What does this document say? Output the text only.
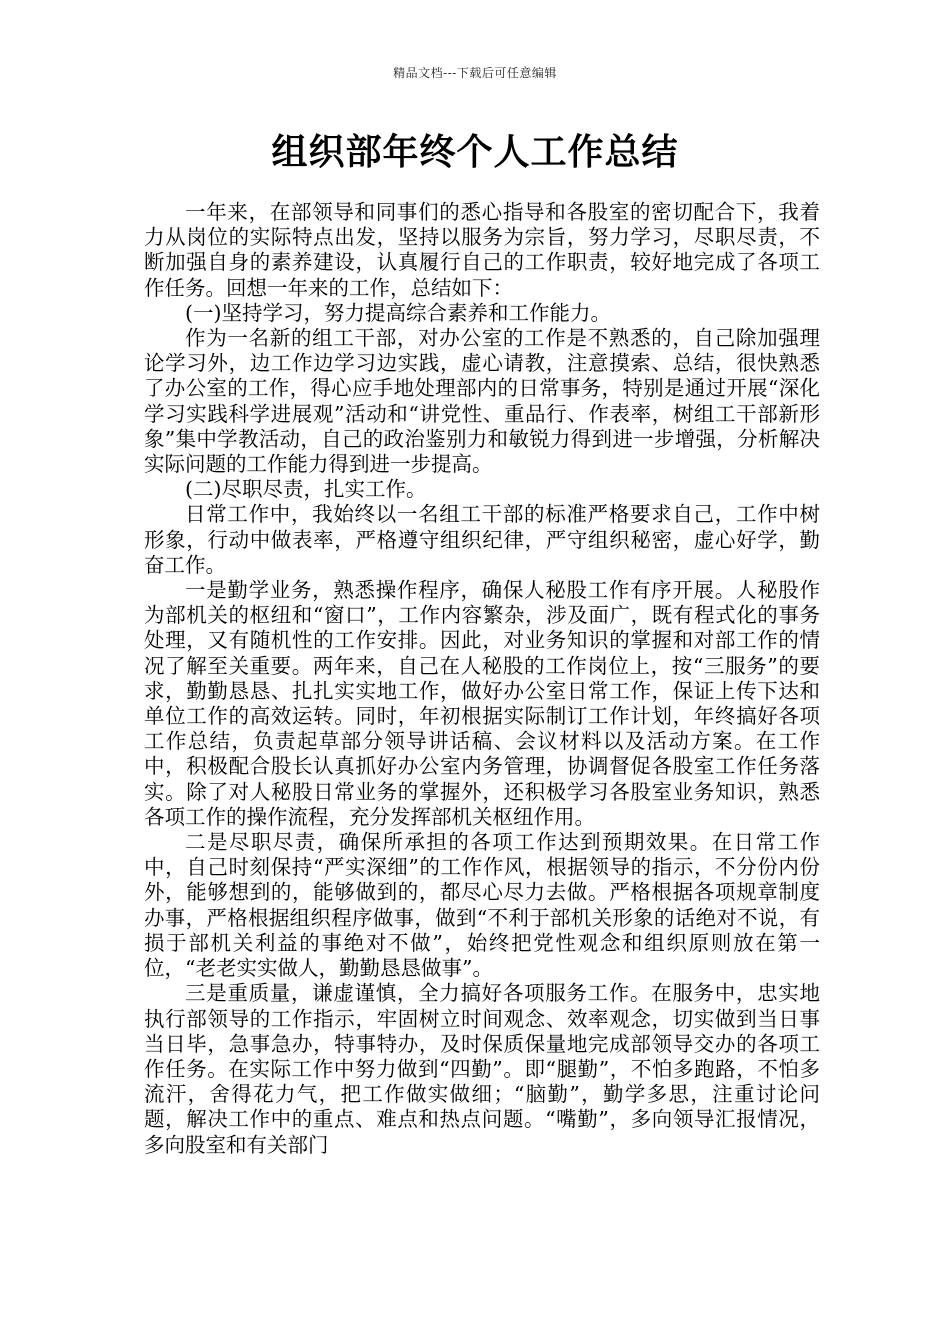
精品文档---下载后可任意编辑
组织部年终个人工作总结

一年来，在部领导和同事们的悉心指导和各股室的密切配合下，我着力从岗位的实际特点出发，坚持以服务为宗旨，努力学习，尽职尽责，不断加强自身的素养建设，认真履行自己的工作职责，较好地完成了各项工作任务。回想一年来的工作，总结如下：

(一)坚持学习，努力提高综合素养和工作能力。

作为一名新的组工干部，对办公室的工作是不熟悉的，自己除加强理论学习外，边工作边学习边实践，虚心请教，注意摸索、总结，很快熟悉了办公室的工作，得心应手地处理部内的日常事务，特别是通过开展“深化学习实践科学进展观”活动和“讲党性、重品行、作表率，树组工干部新形象”集中学教活动，自己的政治鉴别力和敏锐力得到进一步增强，分析解决实际问题的工作能力得到进一步提高。

(二)尽职尽责，扎实工作。

日常工作中，我始终以一名组工干部的标准严格要求自己，工作中树形象，行动中做表率，严格遵守组织纪律，严守组织秘密，虚心好学，勤奋工作。

一是勤学业务，熟悉操作程序，确保人秘股工作有序开展。人秘股作为部机关的枢纽和“窗口”，工作内容繁杂，涉及面广，既有程式化的事务处理，又有随机性的工作安排。因此，对业务知识的掌握和对部工作的情况了解至关重要。两年来，自己在人秘股的工作岗位上，按“三服务”的要求，勤勤恳恳、扎扎实实地工作，做好办公室日常工作，保证上传下达和单位工作的高效运转。同时，年初根据实际制订工作计划，年终搞好各项工作总结，负责起草部分领导讲话稿、会议材料以及活动方案。在工作中，积极配合股长认真抓好办公室内务管理，协调督促各股室工作任务落实。除了对人秘股日常业务的掌握外，还积极学习各股室业务知识，熟悉各项工作的操作流程，充分发挥部机关枢纽作用。

二是尽职尽责，确保所承担的各项工作达到预期效果。在日常工作中，自己时刻保持“严实深细”的工作作风，根据领导的指示，不分份内份外，能够想到的，能够做到的，都尽心尽力去做。严格根据各项规章制度办事，严格根据组织程序做事，做到“不利于部机关形象的话绝对不说，有损于部机关利益的事绝对不做”，始终把党性观念和组织原则放在第一位，“老老实实做人，勤勤恳恳做事”。

三是重质量，谦虚谨慎，全力搞好各项服务工作。在服务中，忠实地执行部领导的工作指示，牢固树立时间观念、效率观念，切实做到当日事当日毕，急事急办，特事特办，及时保质保量地完成部领导交办的各项工作任务。在实际工作中努力做到“四勤”。即“腿勤”，不怕多跑路，不怕多流汗，舍得花力气，把工作做实做细；“脑勤”，勤学多思，注重讨论问题，解决工作中的重点、难点和热点问题。“嘴勤”，多向领导汇报情况，多向股室和有关部门
